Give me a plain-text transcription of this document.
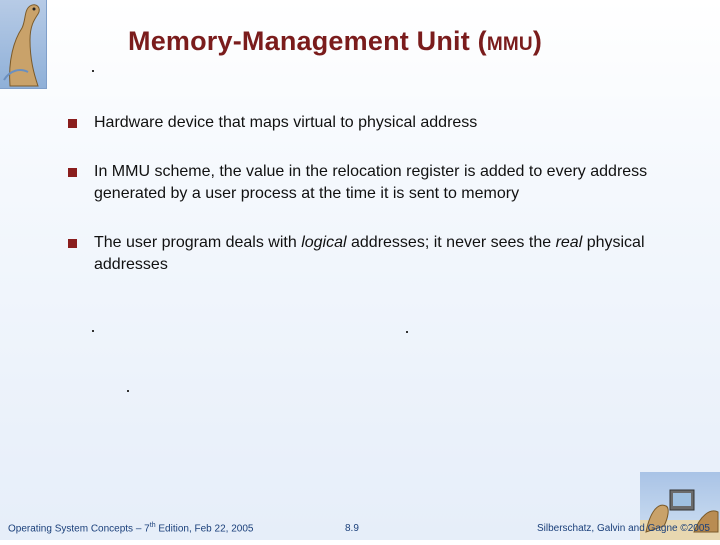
Memory-Management Unit (MMU)
Hardware device that maps virtual to physical address
In MMU scheme, the value in the relocation register is added to every address generated by a user process at the time it is sent to memory
The user program deals with logical addresses; it never sees the real physical addresses
Operating System Concepts – 7th Edition, Feb 22, 2005	8.9	Silberschatz, Galvin and Gagne ©2005
